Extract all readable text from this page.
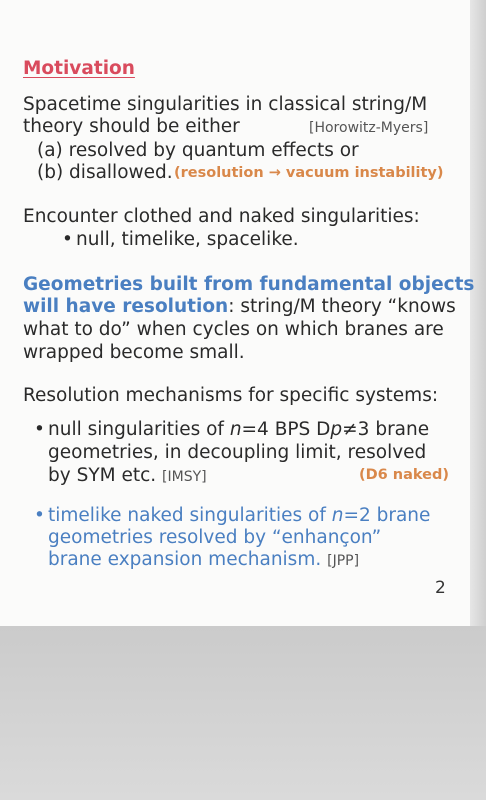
Motivation
Spacetime singularities in classical string/M
theory should be either	[Horowitz-Myers]
(a) resolved by quantum effects or
(b) disallowed. (resolution → vacuum instability)
Encounter clothed and naked singularities:
• null, timelike, spacelike.
Geometries built from fundamental objects
will have resolution: string/M theory “knows
what to do” when cycles on which branes are
wrapped become small.
Resolution mechanisms for specific systems:
• null singularities of n=4 BPS Dp≠3 brane
geometries, in decoupling limit, resolved
by SYM etc. [IMSY]	(D6 naked)
• timelike naked singularities of n=2 brane
geometries resolved by “enhançon”
brane expansion mechanism. [JPP]
2
